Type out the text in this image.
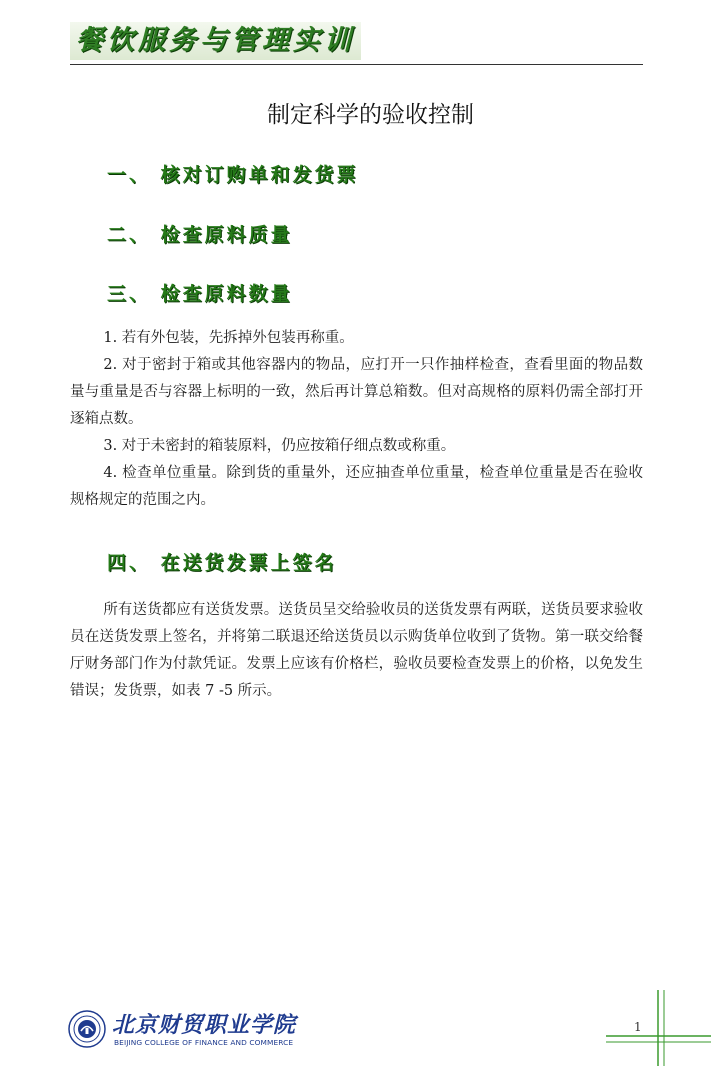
餐饮服务与管理实训
制定科学的验收控制
一、 核对订购单和发货票
二、 检查原料质量
三、 检查原料数量

1. 若有外包装，先拆掉外包装再称重。

2. 对于密封于箱或其他容器内的物品，应打开一只作抽样检查，查看里面的物品数量与重量是否与容器上标明的一致，然后再计算总箱数。但对高规格的原料仍需全部打开逐箱点数。

3. 对于未密封的箱装原料，仍应按箱仔细点数或称重。

4. 检查单位重量。除到货的重量外，还应抽查单位重量，检查单位重量是否在验收规格规定的范围之内。

四、 在送货发票上签名

所有送货都应有送货发票。送货员呈交给验收员的送货发票有两联，送货员要求验收员在送货发票上签名，并将第二联退还给送货员以示购货单位收到了货物。第一联交给餐厅财务部门作为付款凭证。发票上应该有价格栏，验收员要检查发票上的价格，以免发生错误；发货票，如表 7 -5 所示。

北京财贸职业学院
BEIJING COLLEGE OF FINANCE AND COMMERCE
1
